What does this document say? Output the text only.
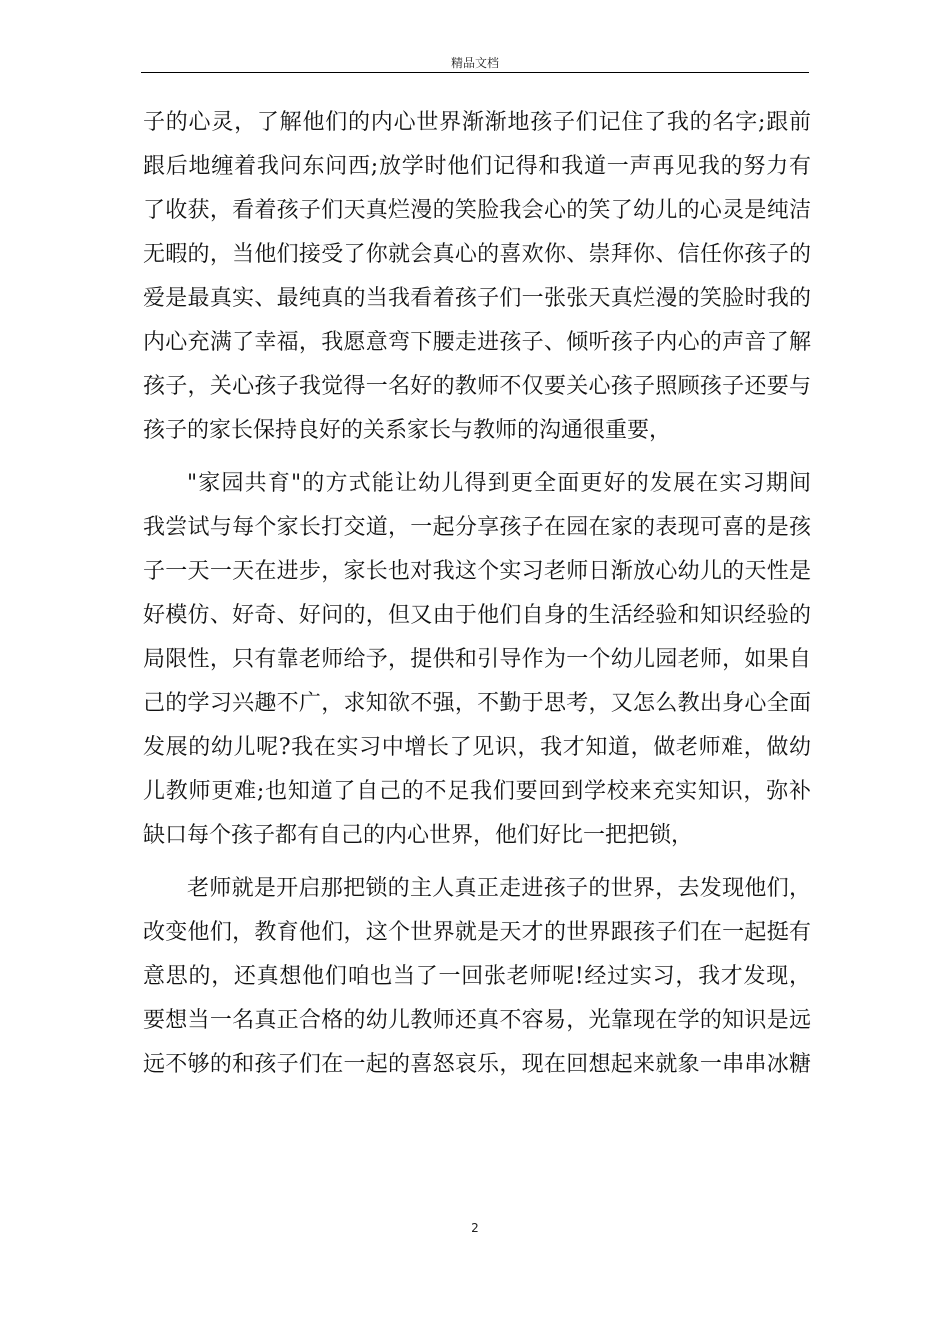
精品文档
子的心灵，了解他们的内心世界渐渐地孩子们记住了我的名字;跟前
跟后地缠着我问东问西;放学时他们记得和我道一声再见我的努力有
了收获，看着孩子们天真烂漫的笑脸我会心的笑了幼儿的心灵是纯洁
无暇的，当他们接受了你就会真心的喜欢你、崇拜你、信任你孩子的
爱是最真实、最纯真的当我看着孩子们一张张天真烂漫的笑脸时我的
内心充满了幸福，我愿意弯下腰走进孩子、倾听孩子内心的声音了解
孩子，关心孩子我觉得一名好的教师不仅要关心孩子照顾孩子还要与
孩子的家长保持良好的关系家长与教师的沟通很重要，
"家园共育"的方式能让幼儿得到更全面更好的发展在实习期间
我尝试与每个家长打交道，一起分享孩子在园在家的表现可喜的是孩
子一天一天在进步，家长也对我这个实习老师日渐放心幼儿的天性是
好模仿、好奇、好问的，但又由于他们自身的生活经验和知识经验的
局限性，只有靠老师给予，提供和引导作为一个幼儿园老师，如果自
己的学习兴趣不广，求知欲不强，不勤于思考，又怎么教出身心全面
发展的幼儿呢?我在实习中增长了见识，我才知道，做老师难，做幼
儿教师更难;也知道了自己的不足我们要回到学校来充实知识，弥补
缺口每个孩子都有自己的内心世界，他们好比一把把锁，
老师就是开启那把锁的主人真正走进孩子的世界，去发现他们，
改变他们，教育他们，这个世界就是天才的世界跟孩子们在一起挺有
意思的，还真想他们咱也当了一回张老师呢!经过实习，我才发现，
要想当一名真正合格的幼儿教师还真不容易，光靠现在学的知识是远
远不够的和孩子们在一起的喜怒哀乐，现在回想起来就象一串串冰糖
2
